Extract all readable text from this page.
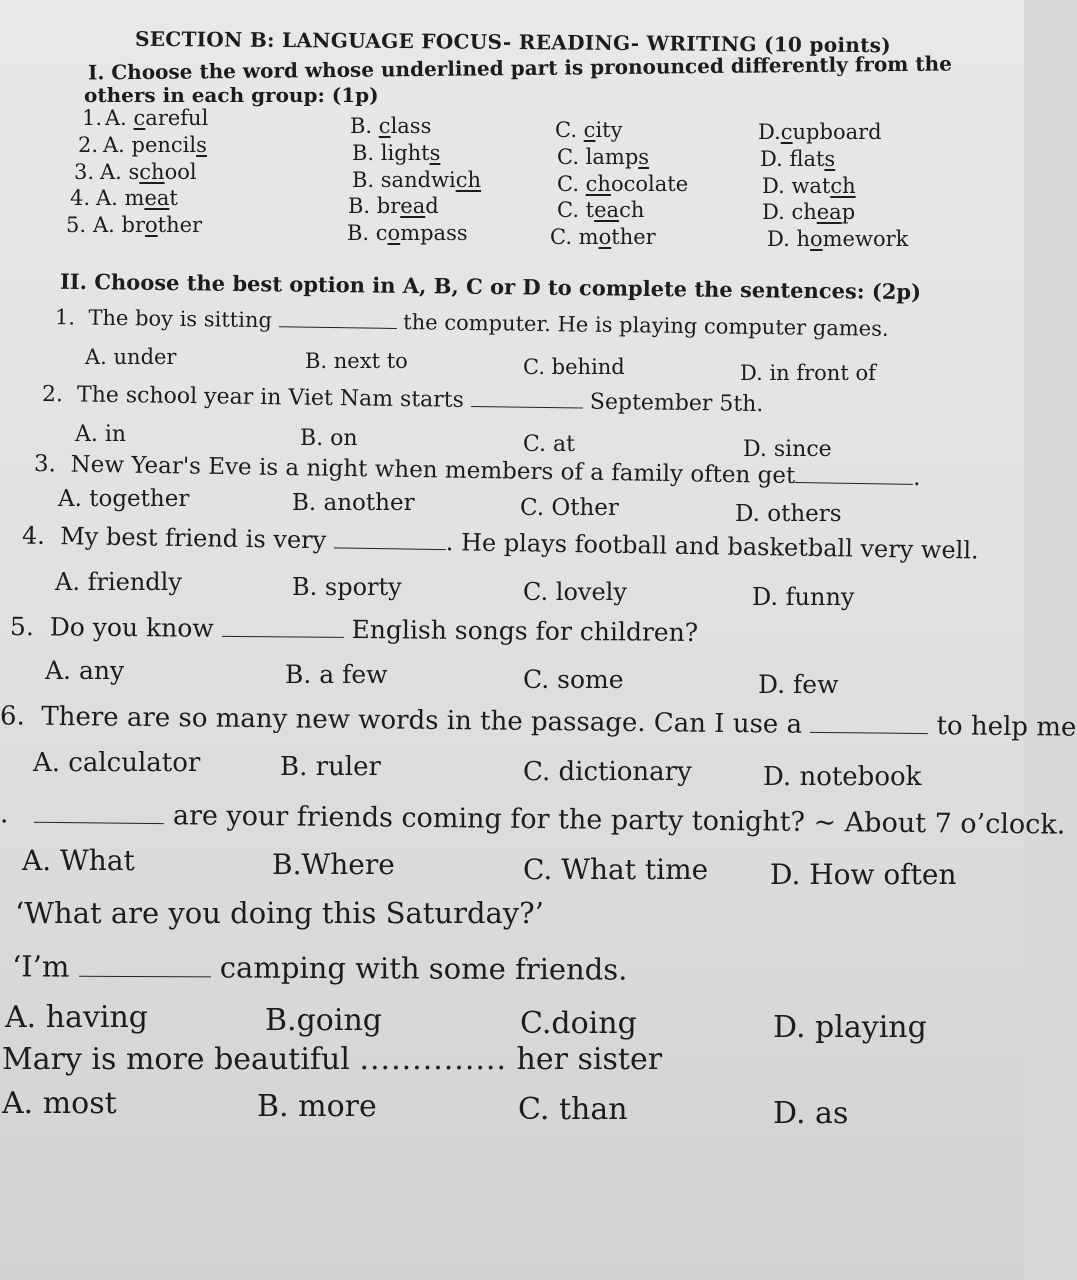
SECTION B: LANGUAGE FOCUS- READING- WRITING (10 points)
I. Choose the word whose underlined part is pronounced differently from the
others in each group: (1p)
1. A. careful	B. class	C. city	D.cupboard
2. A. pencils	B. lights	C. lamps	D. flats
3. A. school	B. sandwich	C. chocolate	D. watch
4. A. meat	B. bread	C. teach	D. cheap
5. A. brother	B. compass	C. mother	D. homework
II. Choose the best option in A, B, C or D to complete the sentences: (2p)
1. The boy is sitting	the computer. He is playing computer games.
A. under	B. next to	C. behind	D. in front of
2. The school year in Viet Nam starts	September 5th.
A. in	B. on	C. at	D. since
3. New Year's Eve is a night when members of a family often get	.
A. together	B. another	C. Other	D. others
4. My best friend is very	. He plays football and basketball very well.
A. friendly	B. sporty	C. lovely	D. funny
5. Do you know	English songs for children?
A. any	B. a few	C. some	D. few
6. There are so many new words in the passage. Can I use a	to help me
A. calculator	B. ruler	C. dictionary	D. notebook
.	are your friends coming for the party tonight? ~ About 7 o’clock.
A. What	B.Where	C. What time D. How often
‘What are you doing this Saturday?’
‘I’m	camping with some friends.
A. having	B.going	C.doing	D. playing
Mary is more beautiful .............. her sister
A. most	B. more	C. than	D. as
